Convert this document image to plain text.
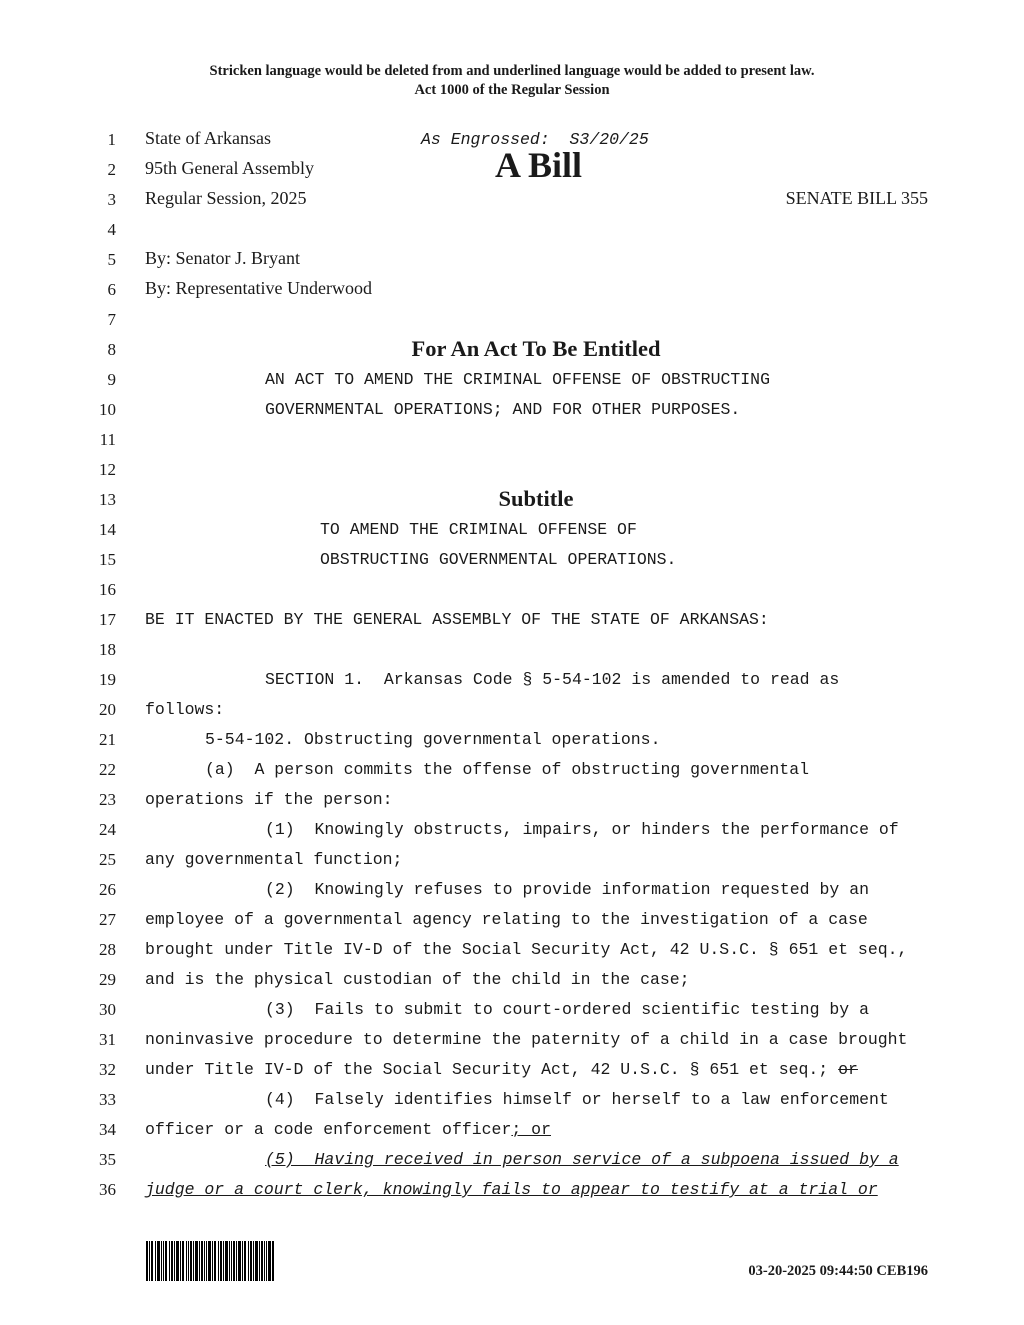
Stricken language would be deleted from and underlined language would be added to present law.
Act 1000 of the Regular Session
1
2
3
4
5
6
7
8
9
10
11
12
13
14
15
16
17
18
19
20
21
22
23
24
25
26
27
28
29
30
31
32
33
34
35
36
State of Arkansas	As Engrossed:  S3/20/25
95th General Assembly	A Bill
Regular Session, 2025	SENATE BILL 355
By: Senator J. Bryant
By: Representative Underwood
For An Act To Be Entitled
AN ACT TO AMEND THE CRIMINAL OFFENSE OF OBSTRUCTING
GOVERNMENTAL OPERATIONS; AND FOR OTHER PURPOSES.
Subtitle
TO AMEND THE CRIMINAL OFFENSE OF
OBSTRUCTING GOVERNMENTAL OPERATIONS.
BE IT ENACTED BY THE GENERAL ASSEMBLY OF THE STATE OF ARKANSAS:
SECTION 1.  Arkansas Code § 5-54-102 is amended to read as
follows:
5-54-102. Obstructing governmental operations.
(a)  A person commits the offense of obstructing governmental
operations if the person:
(1)  Knowingly obstructs, impairs, or hinders the performance of
any governmental function;
(2)  Knowingly refuses to provide information requested by an
employee of a governmental agency relating to the investigation of a case
brought under Title IV-D of the Social Security Act, 42 U.S.C. § 651 et seq.,
and is the physical custodian of the child in the case;
(3)  Fails to submit to court-ordered scientific testing by a
noninvasive procedure to determine the paternity of a child in a case brought
under Title IV-D of the Social Security Act, 42 U.S.C. § 651 et seq.; or
(4)  Falsely identifies himself or herself to a law enforcement
officer or a code enforcement officer; or
(5)  Having received in person service of a subpoena issued by a
judge or a court clerk, knowingly fails to appear to testify at a trial or
03-20-2025 09:44:50 CEB196
